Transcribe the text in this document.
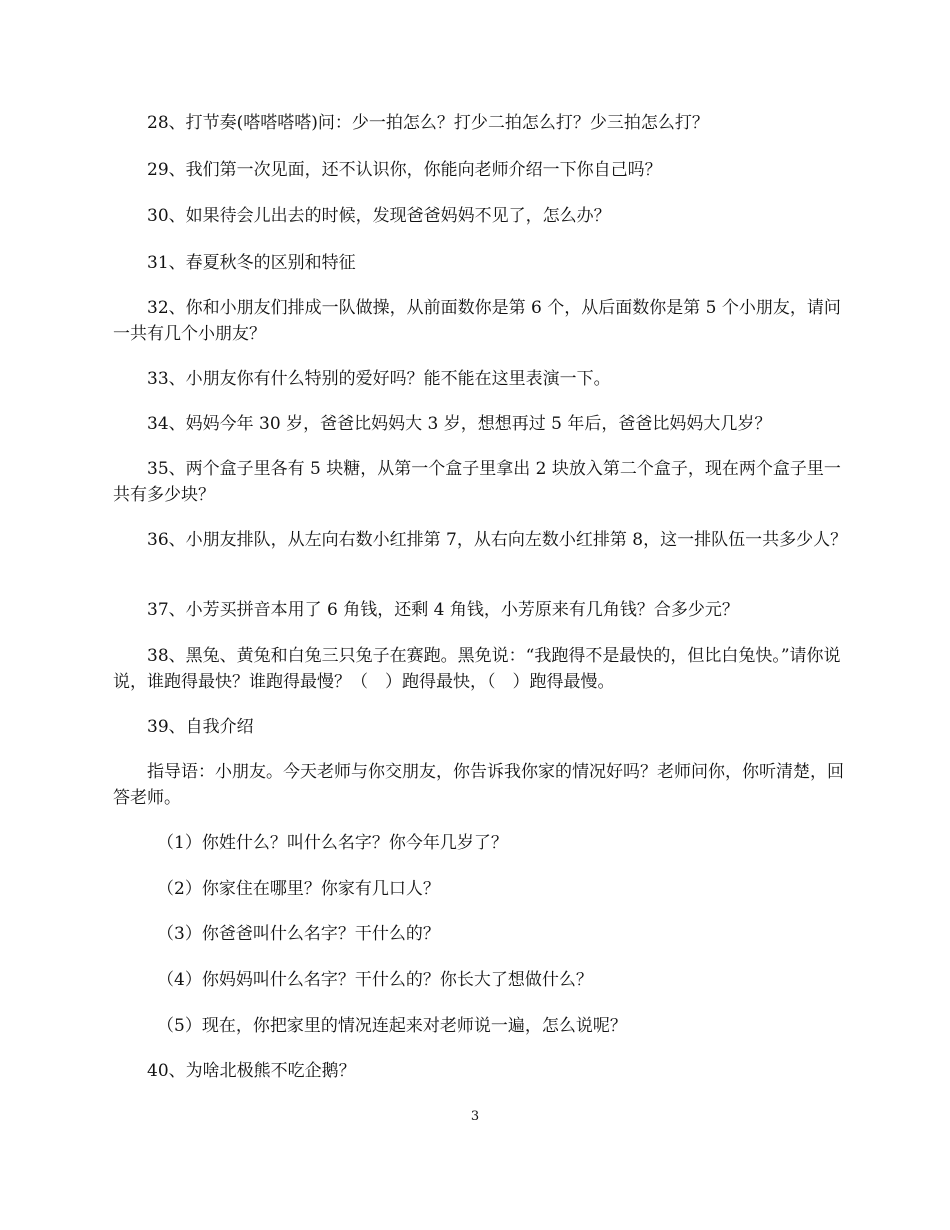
28、打节奏(嗒嗒嗒嗒)问：少一拍怎么？打少二拍怎么打？少三拍怎么打？

29、我们第一次见面，还不认识你，你能向老师介绍一下你自己吗？

30、如果待会儿出去的时候，发现爸爸妈妈不见了，怎么办？

31、春夏秋冬的区别和特征

32、你和小朋友们排成一队做操，从前面数你是第 6 个，从后面数你是第 5 个小朋友，请问一共有几个小朋友？

33、小朋友你有什么特别的爱好吗？能不能在这里表演一下。

34、妈妈今年 30 岁，爸爸比妈妈大 3 岁，想想再过 5 年后，爸爸比妈妈大几岁？

35、两个盒子里各有 5 块糖，从第一个盒子里拿出 2 块放入第二个盒子，现在两个盒子里一共有多少块？

36、小朋友排队，从左向右数小红排第 7，从右向左数小红排第 8，这一排队伍一共多少人？

37、小芳买拼音本用了 6 角钱，还剩 4 角钱，小芳原来有几角钱？合多少元？

38、黑兔、黄兔和白兔三只兔子在赛跑。黑免说：“我跑得不是最快的，但比白兔快。”请你说说，谁跑得最快？谁跑得最慢？（　）跑得最快，（　）跑得最慢。

39、自我介绍

指导语：小朋友。今天老师与你交朋友，你告诉我你家的情况好吗？老师问你，你听清楚，回答老师。

（1）你姓什么？叫什么名字？你今年几岁了？

（2）你家住在哪里？你家有几口人？

（3）你爸爸叫什么名字？干什么的？

（4）你妈妈叫什么名字？干什么的？你长大了想做什么？

（5）现在，你把家里的情况连起来对老师说一遍，怎么说呢？

40、为啥北极熊不吃企鹅？

3
